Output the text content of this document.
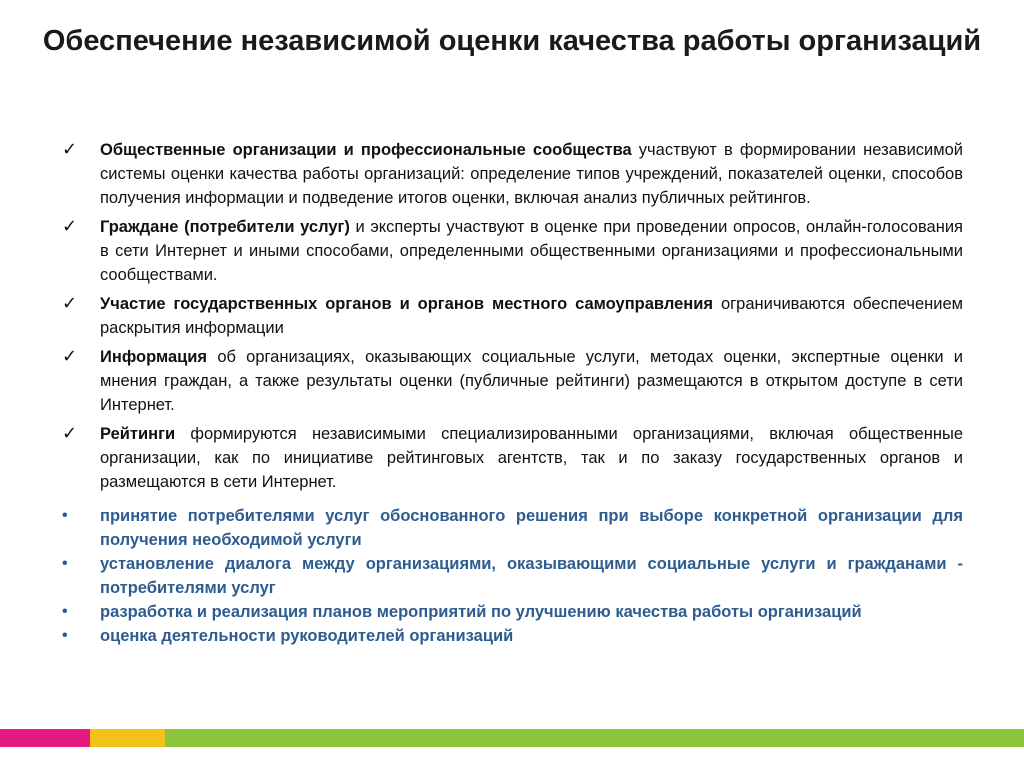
Обеспечение независимой оценки качества работы организаций
✓ Общественные организации и профессиональные сообщества участвуют в формировании независимой системы оценки качества работы организаций: определение типов учреждений, показателей оценки, способов получения информации и подведение итогов оценки, включая анализ публичных рейтингов.
✓ Граждане (потребители услуг) и эксперты участвуют в оценке при проведении опросов, онлайн-голосования в сети Интернет и иными способами, определенными общественными организациями и профессиональными сообществами.
✓ Участие государственных органов и органов местного самоуправления ограничиваются обеспечением раскрытия информации
✓ Информация об организациях, оказывающих социальные услуги, методах оценки, экспертные оценки и мнения граждан, а также результаты оценки (публичные рейтинги) размещаются в открытом доступе в сети Интернет.
✓ Рейтинги формируются независимыми специализированными организациями, включая общественные организации, как по инициативе рейтинговых агентств, так и по заказу государственных органов и размещаются в сети Интернет.
• принятие потребителями услуг обоснованного решения при выборе конкретной организации для получения необходимой услуги
• установление диалога между организациями, оказывающими социальные услуги и гражданами - потребителями услуг
• разработка и реализация планов мероприятий по улучшению качества работы организаций
• оценка деятельности руководителей организаций
